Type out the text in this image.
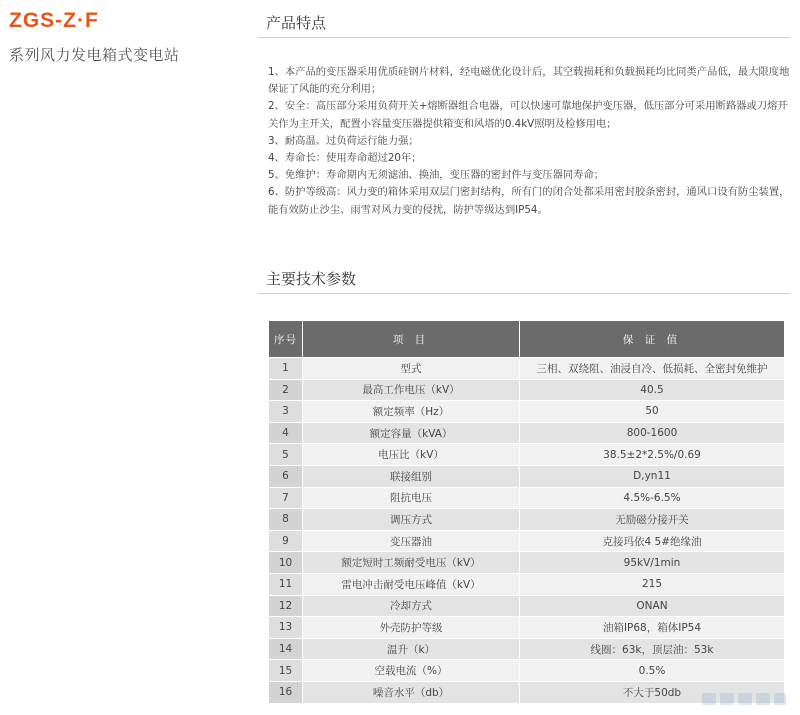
ZGS-Z·F
系列风力发电箱式变电站
产品特点

1、本产品的变压器采用优质硅钢片材料，经电磁优化设计后，其空载损耗和负载损耗均比同类产品低，最大限度地保证了风能的充分利用；

2、安全：高压部分采用负荷开关+熔断器组合电器，可以快速可靠地保护变压器，低压部分可采用断路器或刀熔开关作为主开关，配置小容量变压器提供箱变和风塔的0.4kV照明及检修用电；

3、耐高温、过负荷运行能力强；

4、寿命长：使用寿命超过20年；

5、免维护：寿命期内无须滤油、换油，变压器的密封件与变压器同寿命；

6、防护等级高：风力变的箱体采用双层门密封结构，所有门的闭合处都采用密封胶条密封，通风口设有防尘装置，能有效防止沙尘、雨雪对风力变的侵扰，防护等级达到IP54。

主要技术参数
序号	项 目	保 证 值
1	型式	三相、双绕阻、油浸自冷、低损耗、全密封免维护
2	最高工作电压（kV）	40.5
3	额定频率（Hz）	50
4	额定容量（kVA）	800-1600
5	电压比（kV）	38.5±2*2.5%/0.69
6	联接组别	D,yn11
7	阻抗电压	4.5%-6.5%
8	调压方式	无励磁分接开关
9	变压器油	克接玛依4 5#绝缘油
10	额定短时工频耐受电压（kV）	95kV/1min
11	雷电冲击耐受电压峰值（kV）	215
12	冷却方式	ONAN
13	外壳防护等级	油箱IP68，箱体IP54
14	温升（k）	线圈：63k，顶层油：53k
15	空载电流（%）	0.5%
16	噪音水平（db）	不大于50db
